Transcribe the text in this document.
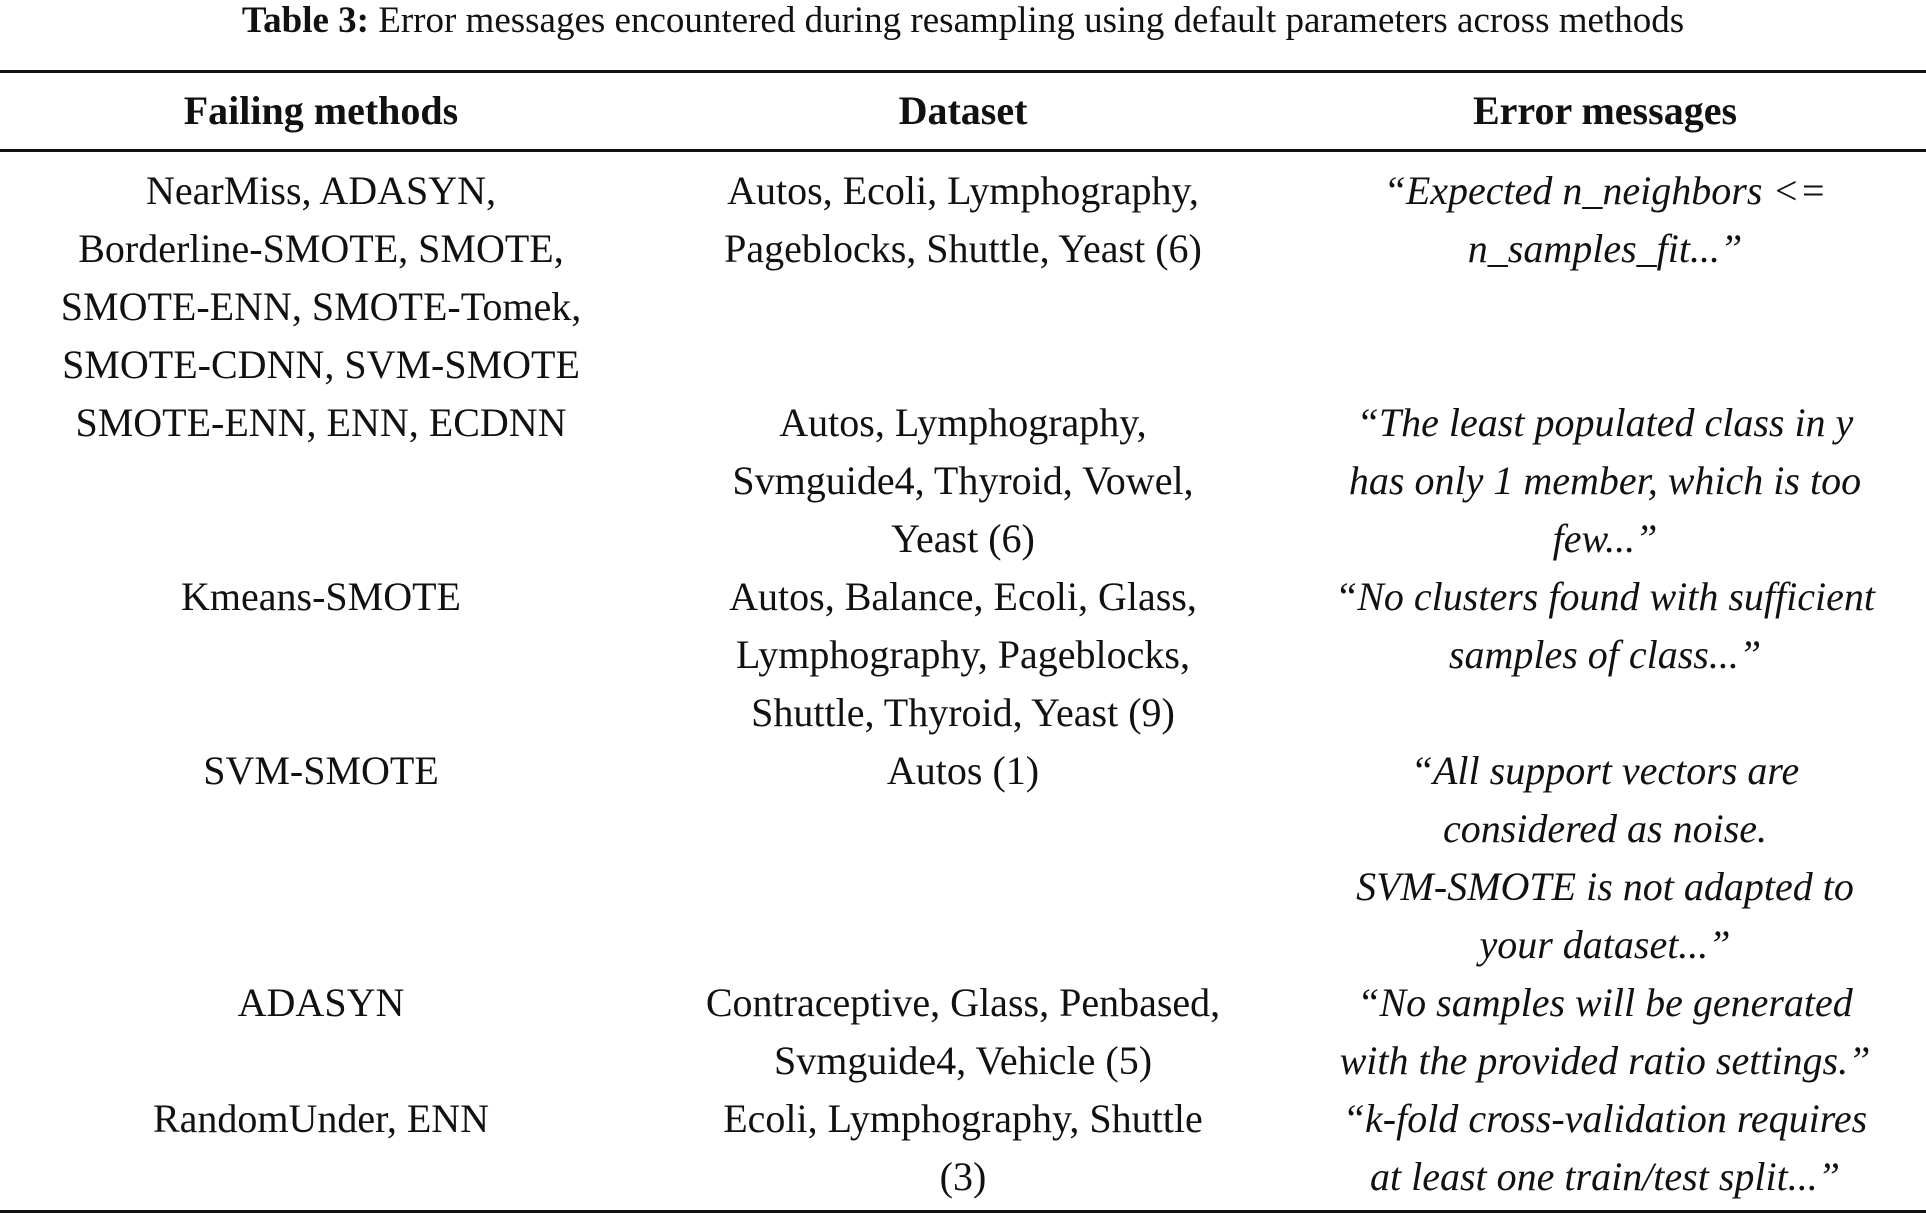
Table 3: Error messages encountered during resampling using default parameters across methods
Failing methods	Dataset	Error messages

NearMiss, ADASYN,
Borderline-SMOTE, SMOTE,
SMOTE-ENN, SMOTE-Tomek,
SMOTE-CDNN, SVM-SMOTE	Autos, Ecoli, Lymphography,
Pageblocks, Shuttle, Yeast (6)	“Expected n_neighbors <=
n_samples_fit...”

SMOTE-ENN, ENN, ECDNN	Autos, Lymphography,
Svmguide4, Thyroid, Vowel,
Yeast (6)	“The least populated class in y
has only 1 member, which is too
few...”

Kmeans-SMOTE	Autos, Balance, Ecoli, Glass,
Lymphography, Pageblocks,
Shuttle, Thyroid, Yeast (9)	“No clusters found with sufficient
samples of class...”

SVM-SMOTE	Autos (1)	“All support vectors are
considered as noise.
SVM-SMOTE is not adapted to
your dataset...”

ADASYN	Contraceptive, Glass, Penbased,
Svmguide4, Vehicle (5)	“No samples will be generated
with the provided ratio settings.”

RandomUnder, ENN	Ecoli, Lymphography, Shuttle
(3)	“k-fold cross-validation requires
at least one train/test split...”
